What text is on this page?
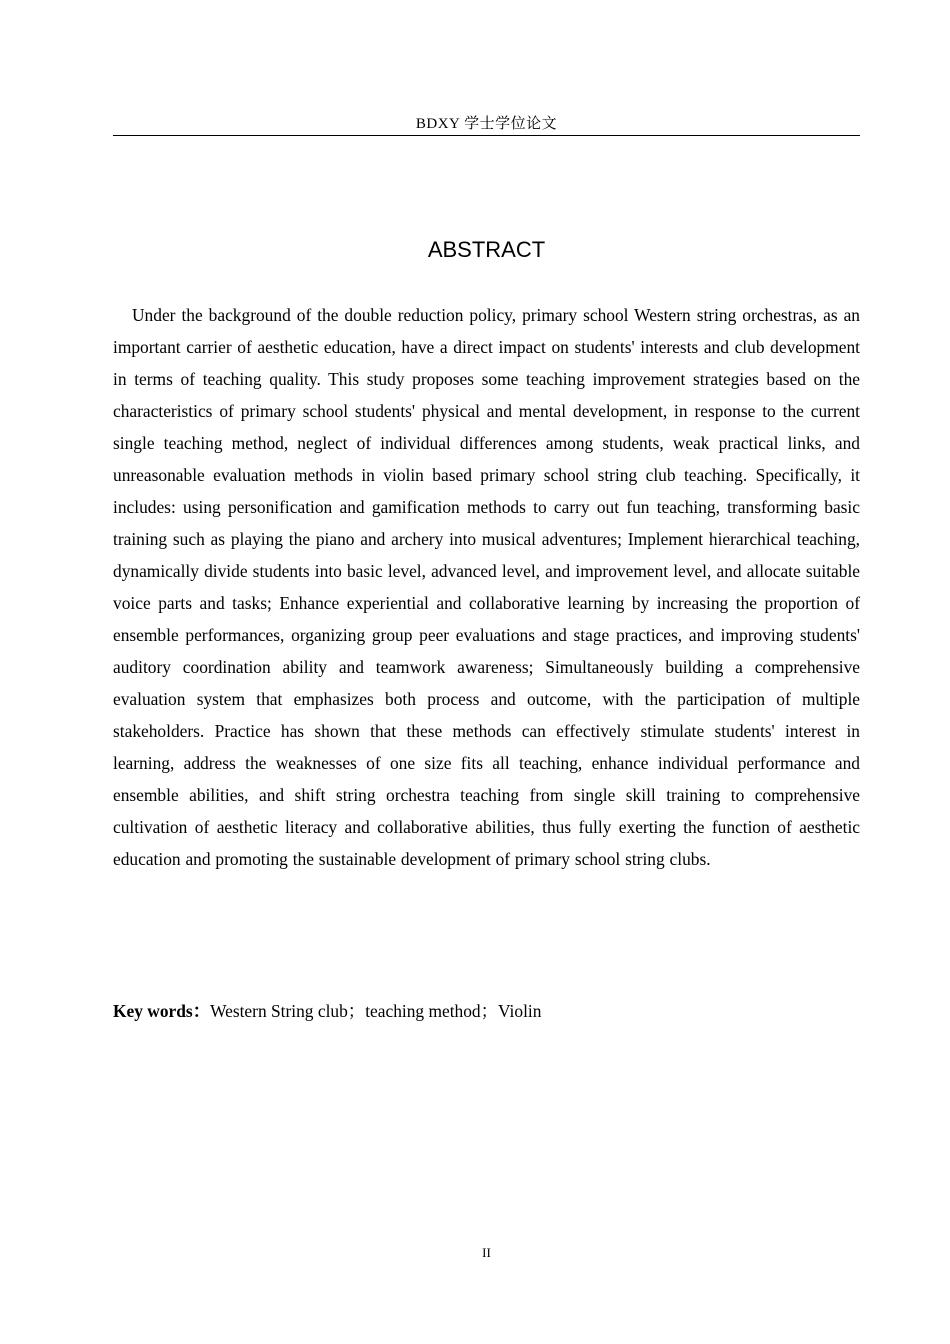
BDXY 学士学位论文
ABSTRACT

Under the background of the double reduction policy, primary school Western string orchestras, as an important carrier of aesthetic education, have a direct impact on students' interests and club development in terms of teaching quality. This study proposes some teaching improvement strategies based on the characteristics of primary school students' physical and mental development, in response to the current single teaching method, neglect of individual differences among students, weak practical links, and unreasonable evaluation methods in violin based primary school string club teaching. Specifically, it includes: using personification and gamification methods to carry out fun teaching, transforming basic training such as playing the piano and archery into musical adventures; Implement hierarchical teaching, dynamically divide students into basic level, advanced level, and improvement level, and allocate suitable voice parts and tasks; Enhance experiential and collaborative learning by increasing the proportion of ensemble performances, organizing group peer evaluations and stage practices, and improving students' auditory coordination ability and teamwork awareness; Simultaneously building a comprehensive evaluation system that emphasizes both process and outcome, with the participation of multiple stakeholders. Practice has shown that these methods can effectively stimulate students' interest in learning, address the weaknesses of one size fits all teaching, enhance individual performance and ensemble abilities, and shift string orchestra teaching from single skill training to comprehensive cultivation of aesthetic literacy and collaborative abilities, thus fully exerting the function of aesthetic education and promoting the sustainable development of primary school string clubs.

Key words：Western String club；teaching method；Violin
II
